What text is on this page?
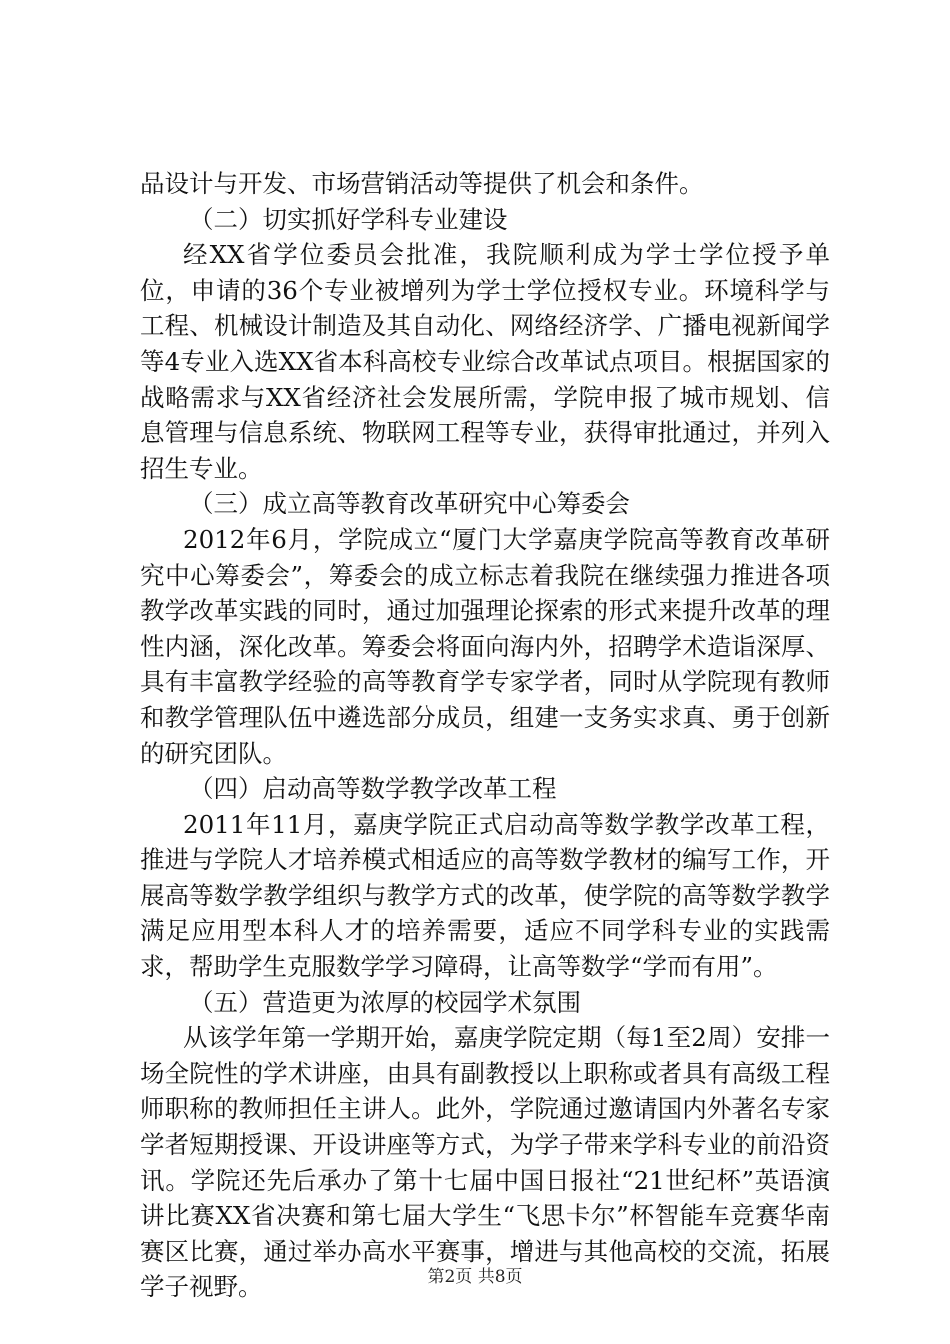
品设计与开发、市场营销活动等提供了机会和条件。

（二）切实抓好学科专业建设

经XX省学位委员会批准，我院顺利成为学士学位授予单位，申请的36个专业被增列为学士学位授权专业。环境科学与工程、机械设计制造及其自动化、网络经济学、广播电视新闻学等4专业入选XX省本科高校专业综合改革试点项目。根据国家的战略需求与XX省经济社会发展所需，学院申报了城市规划、信息管理与信息系统、物联网工程等专业，获得审批通过，并列入招生专业。

（三）成立高等教育改革研究中心筹委会

2012年6月，学院成立“厦门大学嘉庚学院高等教育改革研究中心筹委会”，筹委会的成立标志着我院在继续强力推进各项教学改革实践的同时，通过加强理论探索的形式来提升改革的理性内涵，深化改革。筹委会将面向海内外，招聘学术造诣深厚、具有丰富教学经验的高等教育学专家学者，同时从学院现有教师和教学管理队伍中遴选部分成员，组建一支务实求真、勇于创新的研究团队。

（四）启动高等数学教学改革工程

2011年11月，嘉庚学院正式启动高等数学教学改革工程，推进与学院人才培养模式相适应的高等数学教材的编写工作，开展高等数学教学组织与教学方式的改革，使学院的高等数学教学满足应用型本科人才的培养需要，适应不同学科专业的实践需求，帮助学生克服数学学习障碍，让高等数学“学而有用”。

（五）营造更为浓厚的校园学术氛围

从该学年第一学期开始，嘉庚学院定期（每1至2周）安排一场全院性的学术讲座，由具有副教授以上职称或者具有高级工程师职称的教师担任主讲人。此外，学院通过邀请国内外著名专家学者短期授课、开设讲座等方式，为学子带来学科专业的前沿资讯。学院还先后承办了第十七届中国日报社“21世纪杯”英语演讲比赛XX省决赛和第七届大学生“飞思卡尔”杯智能车竞赛华南赛区比赛，通过举办高水平赛事，增进与其他高校的交流，拓展学子视野。	第2页 共8页
